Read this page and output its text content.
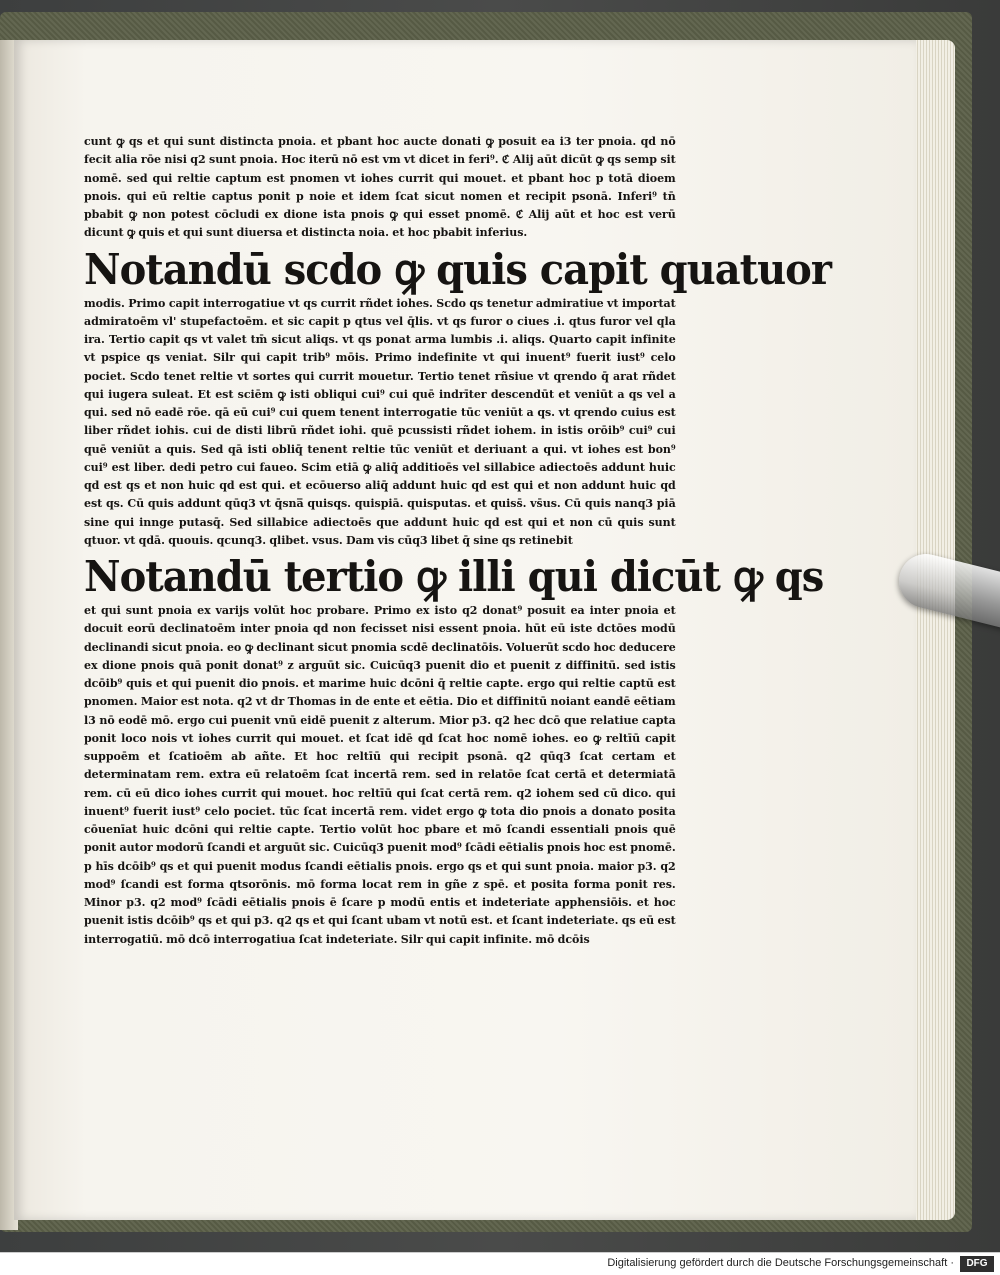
cunt ꝙ qs et qui sunt distincta pnoia. et pbant hoc aucte donati ꝙ posuit ea i3 ter pnoia. qd nō fecit alia rōe nisi q2 sunt pnoia. Hoc iterū nō est vm vt dicet in feri⁹. ℭ Alij aūt dicūt ꝙ qs semp sit nomē. sed qui reltie captum est pnomen vt iohes currit qui mouet. et pbant hoc p totā dioem pnois. qui eū reltie captus ponit p noie et idem ſcat sicut nomen et recipit psonā. Inferi⁹ tn̄ pbabit ꝙ non potest cōcludi ex dione ista pnois ꝙ qui esset pnomē. ℭ Alij aūt et hoc est verū dicunt ꝙ quis et qui sunt diuersa et distincta noia. et hoc pbabit inferius.

Notandū scdo ꝙ quis capit quatuor

modis. Primo capit interrogatiue vt qs currit rñdet iohes. Scdo qs tenetur admiratiue vt importat admiratoēm vl' stupefactoēm. et sic capit p qtus vel q̄lis. vt qs furor o ciues .i. qtus furor vel qla ira. Tertio capit qs vt valet tm̄ sicut aliqs. vt qs ponat arma lumbis .i. aliqs. Quarto capit infinite vt pspice qs veniat. Silr qui capit trib⁹ mōis. Primo indefinite vt qui inuent⁹ fuerit iust⁹ celo pociet. Scdo tenet reltie vt sortes qui currit mouetur. Tertio tenet rñsiue vt qrendo q̄ arat rñdet qui iugera suleat. Et est sciēm ꝙ isti obliqui cui⁹ cui quē indrīter descendūt et veniūt a qs vel a qui. sed nō eadē rōe. qā eū cui⁹ cui quem tenent interrogatie tūc veniūt a qs. vt qrendo cuius est liber rñdet iohis. cui de disti librū rñdet iohi. quē pcussisti rñdet iohem. in istis orōib⁹ cui⁹ cui quē veniūt a quis. Sed qā isti obliq̄ tenent reltie tūc veniūt et deriuant a qui. vt iohes est bon⁹ cui⁹ est liber. dedi petro cui faueo. Scim etiā ꝙ aliq̄ additioēs vel sillabice adiectoēs addunt huic qd est qs et non huic qd est qui. et ecōuerso aliq̄ addunt huic qd est qui et non addunt huic qd est qs. Cū quis addunt qūq3 vt q̄sna̅ quisqs. quispiā. quisputas. et quiss̄. vs̄us. Cū quis nanq3 piā sine qui innge putasq̄. Sed sillabice adiectoēs que addunt huic qd est qui et non cū quis sunt qtuor. vt qdā. quouis. qcunq3. qlibet. vsus. Dam vis cūq3 libet q̄ sine qs retinebit

Notandū tertio ꝙ illi qui dicūt ꝙ qs

et qui sunt pnoia ex varijs volūt hoc probare. Primo ex isto q2 donat⁹ posuit ea inter pnoia et docuit eorū declinatoēm inter pnoia qd non fecisset nisi essent pnoia. hūt eū iste dctōes modū declinandi sicut pnoia. eo ꝙ declinant sicut pnomia scdē declinatōis. Voluerūt scdo hoc deducere ex dione pnois quā ponit donat⁹ z arguūt sic. Cuicūq3 puenit dio et puenit z diffinitū. sed istis dcōib⁹ quis et qui puenit dio pnois. et marime huic dcōni q̄ reltie capte. ergo qui reltie captū est pnomen. Maior est nota. q2 vt dr Thomas in de ente et eētia. Dio et diffinitū noiant eandē eētiam l3 nō eodē mō. ergo cui puenit vnū eidē puenit z alterum. Mior p3. q2 hec dcō que relatiue capta ponit loco nois vt iohes currit qui mouet. et ſcat idē qd ſcat hoc nomē iohes. eo ꝙ reltīū capit suppoēm et ſcatioēm ab añte. Et hoc reltīū qui recipit psonā. q2 qūq3 ſcat certam et determinatam rem. extra eū relatoēm ſcat incertā rem. sed in relatōe ſcat certā et determiatā rem. cū eū dico iohes currit qui mouet. hoc reltīū qui ſcat certā rem. q2 iohem sed cū dico. qui inuent⁹ fuerit iust⁹ celo pociet. tūc ſcat incertā rem. videt ergo ꝙ tota dio pnois a donato posita cōuenīat huic dcōni qui reltie capte. Tertio volūt hoc pbare et mō ſcandi essentiali pnois quē ponit autor modorū ſcandi et arguūt sic. Cuicūq3 puenit mod⁹ ſcādi eētialis pnois hoc est pnomē. p hīs dcōib⁹ qs et qui puenit modus ſcandi eētialis pnois. ergo qs et qui sunt pnoia. maior p3. q2 mod⁹ ſcandi est forma qtsorōnis. mō forma locat rem in gñe z spē. et posita forma ponit res. Minor p3. q2 mod⁹ ſcādi eētialis pnois ē ſcare p modū entis et indeteriate apphensiōis. et hoc puenit istis dcōib⁹ qs et qui p3. q2 qs et qui ſcant ubam vt notū est. et ſcant indeteriate. qs eū est interrogatiū. mō dcō interrogatiua ſcat indeteriate. Silr qui capit infinite. mō dcōis

Digitalisierung gefördert durch die Deutsche Forschungsgemeinschaft ·	DFG
